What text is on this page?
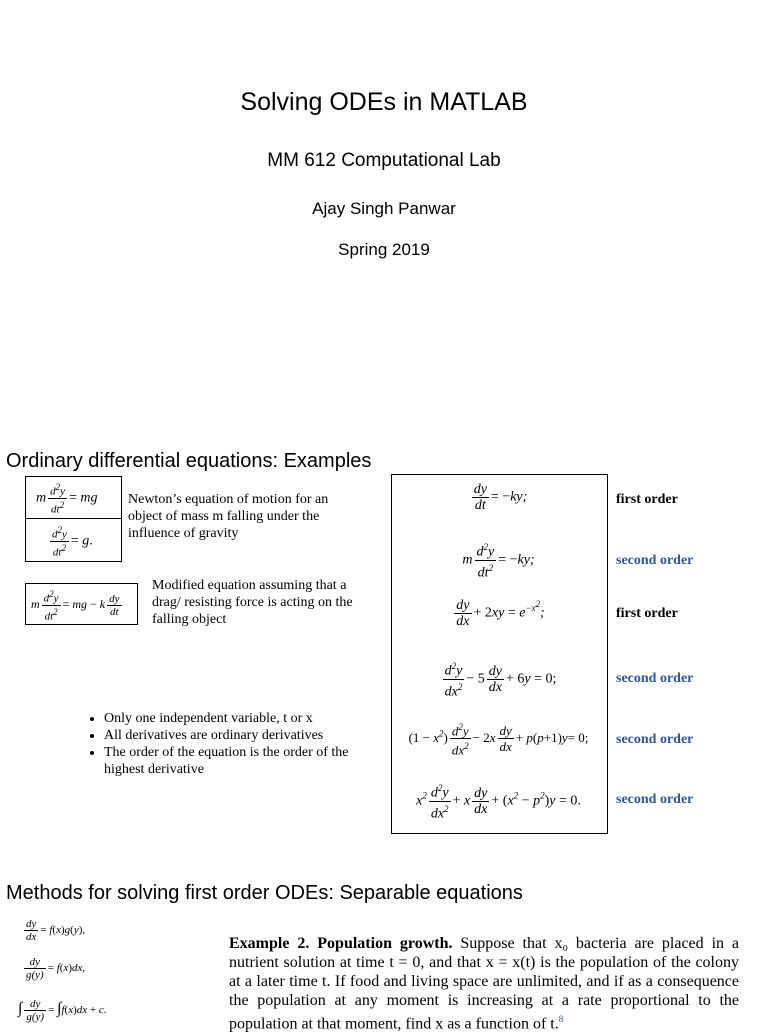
Solving ODEs in MATLAB
MM 612 Computational Lab
Ajay Singh Panwar
Spring 2019
Ordinary differential equations: Examples
m $\frac{d^2y}{dt^2}$ = mg
$\frac{d^2y}{dt^2} = g$.
Newton’s equation of motion for an object of mass m falling under the influence of gravity
m $\frac{d^2y}{dt^2}$ = mg − k $\frac{dy}{dt}$
Modified equation assuming that a drag/ resisting force is acting on the falling object
• Only one independent variable, t or x
• All derivatives are ordinary derivatives
• The order of the equation is the order of the highest derivative
$\frac{dy}{dt} = -ky$;
m $\frac{d^2y}{dt^2} = -ky$;
$\frac{dy}{dx} + 2xy = e^{-x^2}$;
$\frac{d^2y}{dx^2} - 5 \frac{dy}{dx} + 6y = 0$;
$(1 - x^2) \frac{d^2y}{dx^2} - 2x \frac{dy}{dx} + p(p+1)y= 0$;
$x^2 \frac{d^2y}{dx^2} + x \frac{dy}{dx} + (x^2 - p^2)y = 0$.
first order
second order
first order
second order
second order
second order
Methods for solving first order ODEs: Separable equations
$\frac{dy}{dx} = f(x)g(y)$,
$\frac{dy}{g(y)} = f(x)dx$,
∫ $\frac{dy}{g(y)} = \int f(x)dx + c$.
Example 2. Population growth. Suppose that x₀ bacteria are placed in a nutrient solution at time t = 0, and that x = x(t) is the population of the colony at a later time t. If food and living space are unlimited, and if as a consequence the population at any moment is increasing at a rate proportional to the population at that moment, find x as a function of t.$^8$
